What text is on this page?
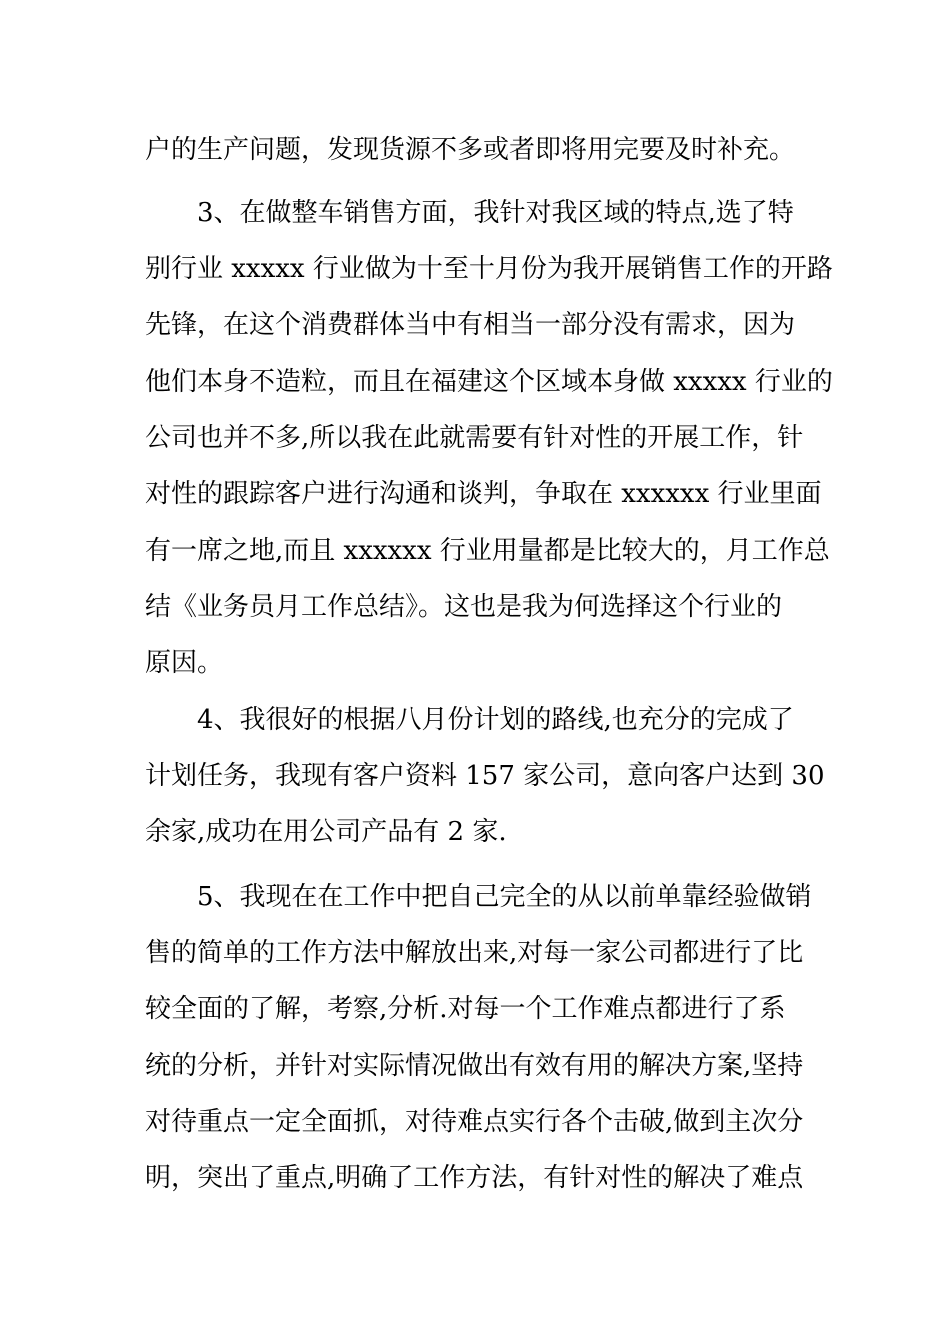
户的生产问题，发现货源不多或者即将用完要及时补充。
3、在做整车销售方面，我针对我区域的特点,选了特
别行业 xxxxx 行业做为十至十月份为我开展销售工作的开路
先锋，在这个消费群体当中有相当一部分没有需求，因为
他们本身不造粒，而且在福建这个区域本身做 xxxxx 行业的
公司也并不多,所以我在此就需要有针对性的开展工作，针
对性的跟踪客户进行沟通和谈判，争取在 xxxxxx 行业里面
有一席之地,而且 xxxxxx 行业用量都是比较大的，月工作总
结《业务员月工作总结》。这也是我为何选择这个行业的
原因。
4、我很好的根据八月份计划的路线,也充分的完成了
计划任务，我现有客户资料 157 家公司，意向客户达到 30
余家,成功在用公司产品有 2 家.
5、我现在在工作中把自己完全的从以前单靠经验做销
售的简单的工作方法中解放出来,对每一家公司都进行了比
较全面的了解，考察,分析.对每一个工作难点都进行了系
统的分析，并针对实际情况做出有效有用的解决方案,坚持
对待重点一定全面抓，对待难点实行各个击破,做到主次分
明，突出了重点,明确了工作方法，有针对性的解决了难点
